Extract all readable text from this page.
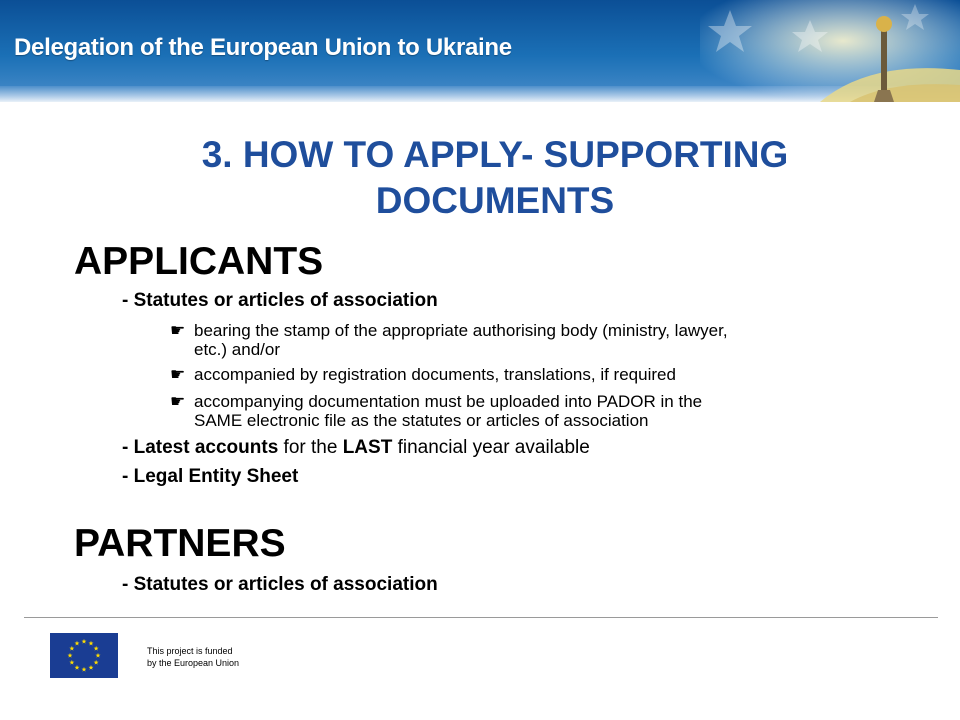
Delegation of the European Union to Ukraine
3. HOW TO APPLY- SUPPORTING
DOCUMENTS
APPLICANTS
- Statutes or articles of association
☛ bearing the stamp of the appropriate authorising body (ministry, lawyer,
etc.) and/or
☛ accompanied by registration documents, translations, if required
☛ accompanying documentation must be uploaded into PADOR in the
SAME electronic file as the statutes or articles of association
- Latest accounts for the LAST financial year available
- Legal Entity Sheet
PARTNERS
- Statutes or articles of association
This project is funded
by the European Union
